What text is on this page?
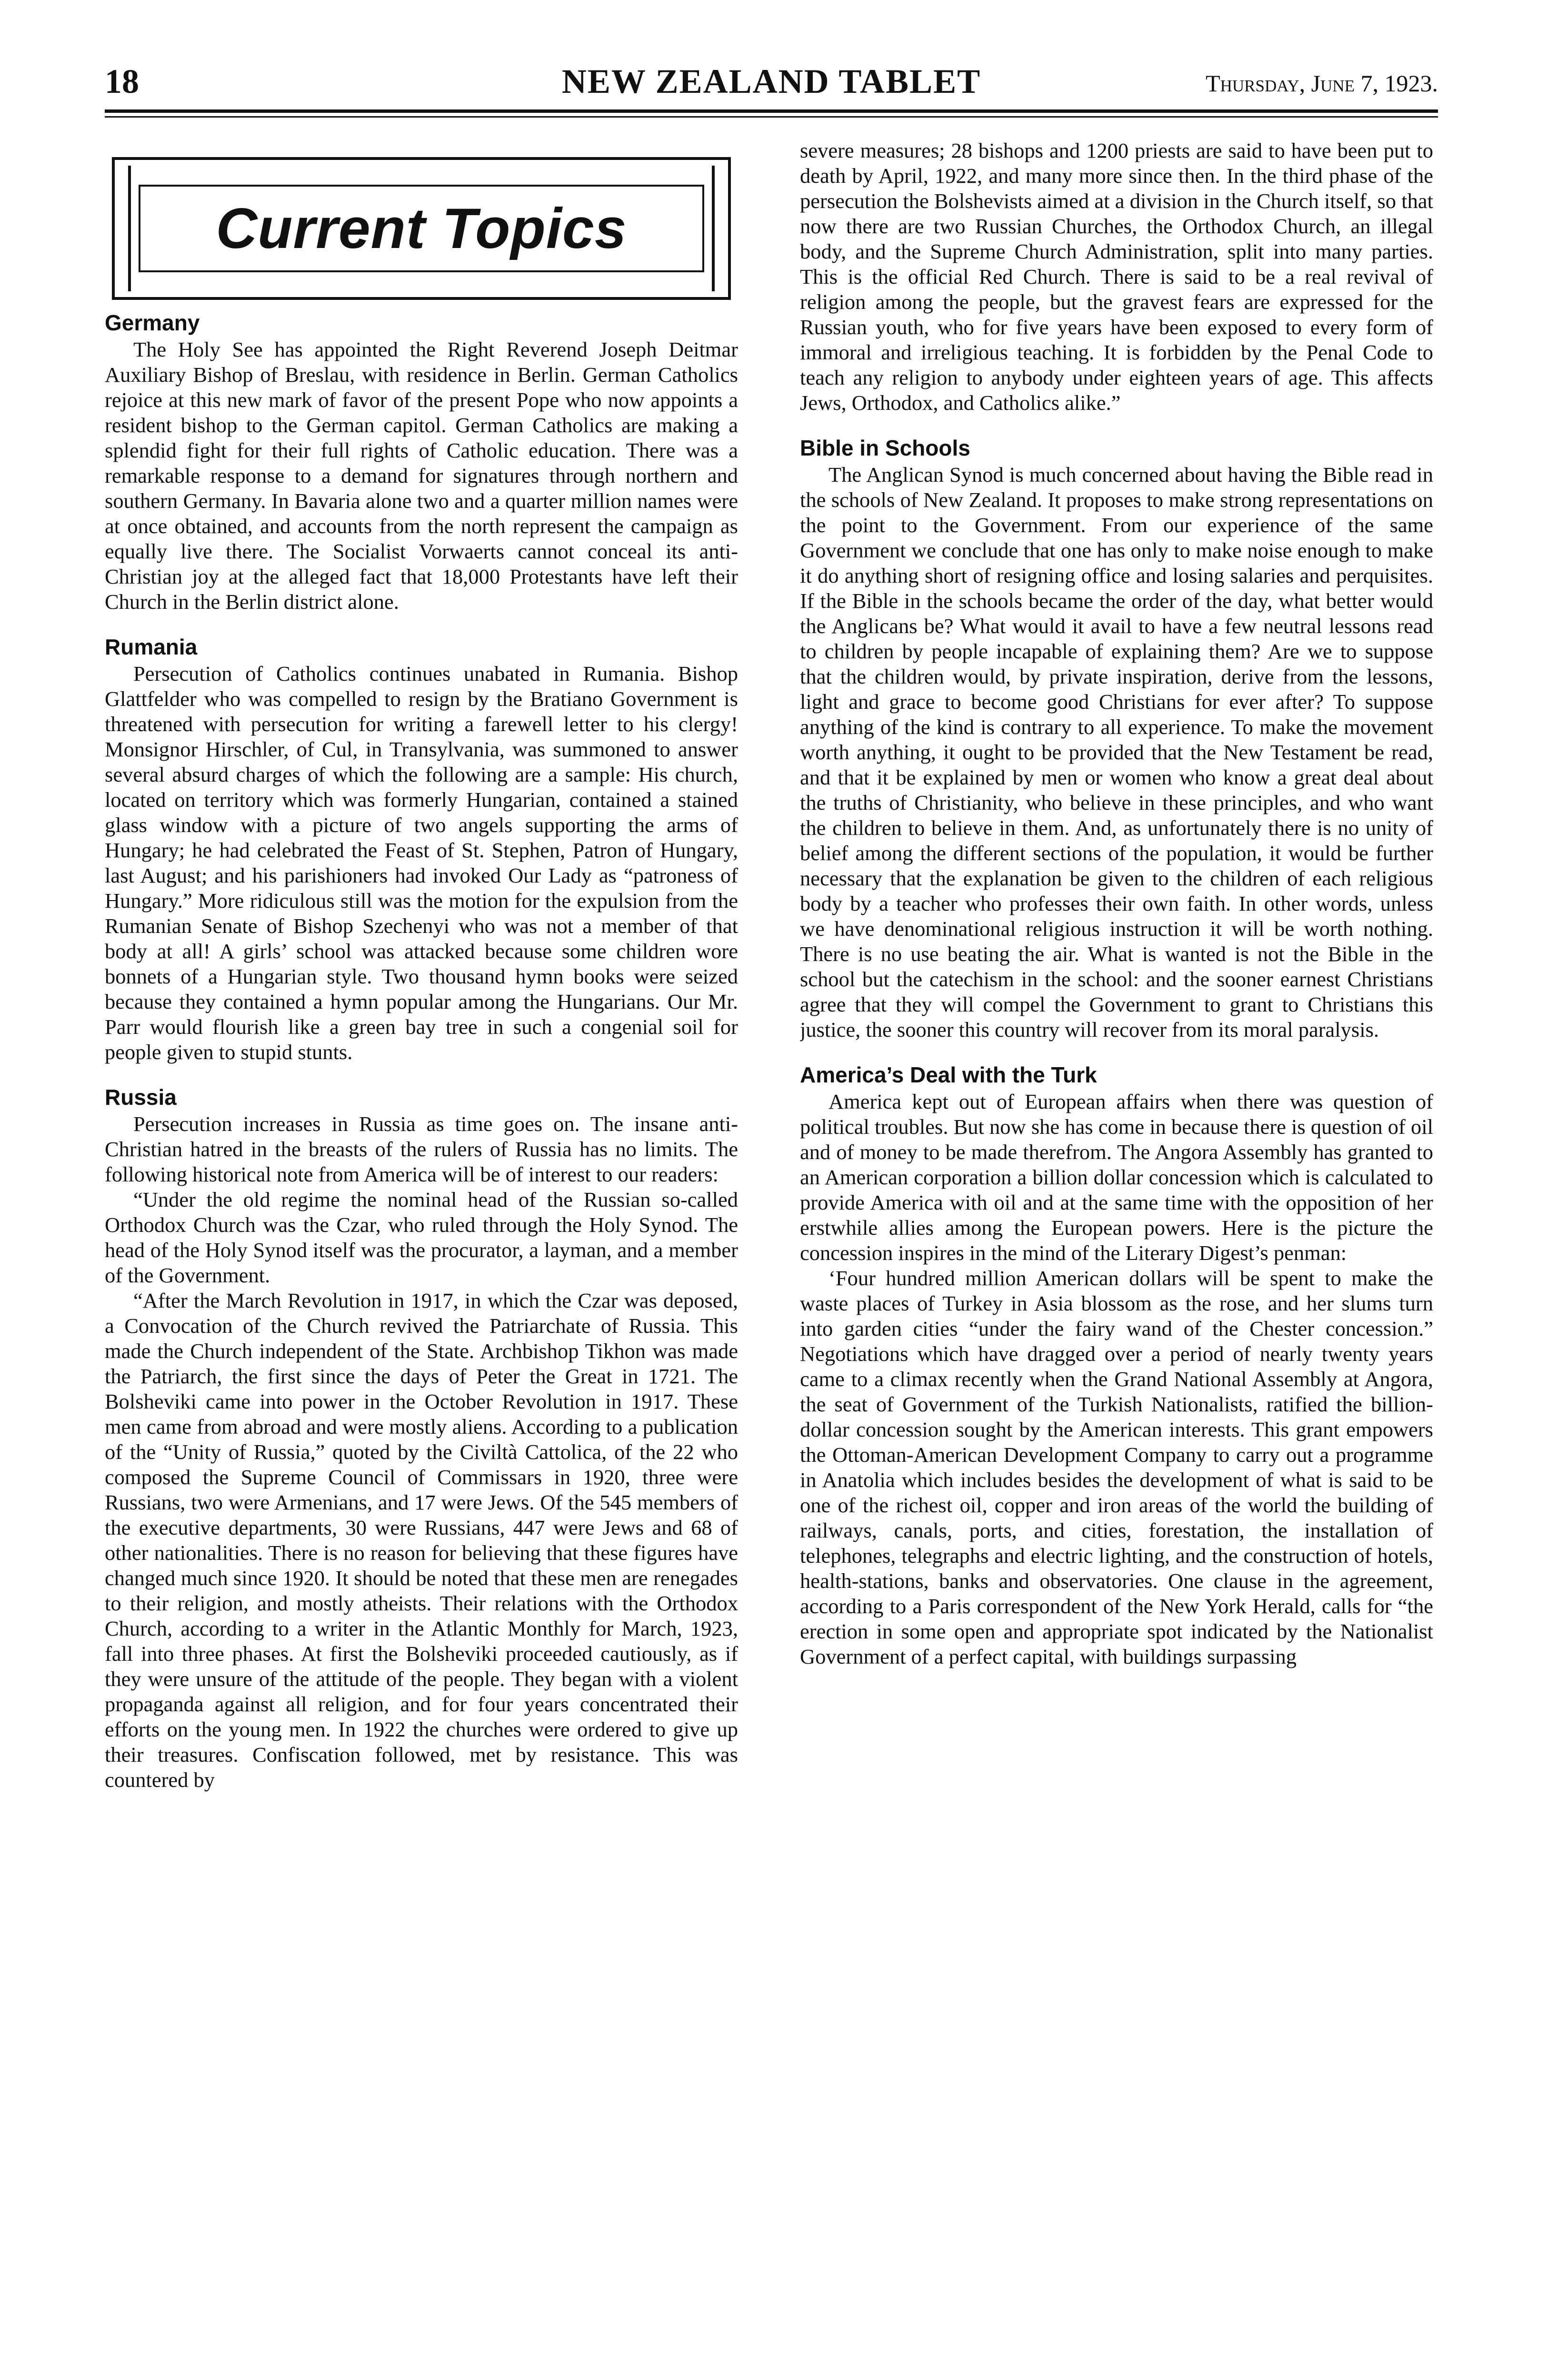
18	NEW ZEALAND TABLET	Thursday, June 7, 1923.
Current Topics
Germany

The Holy See has appointed the Right Reverend Joseph Deitmar Auxiliary Bishop of Breslau, with residence in Berlin. German Catholics rejoice at this new mark of favor of the present Pope who now appoints a resident bishop to the German capitol. German Catholics are making a splendid fight for their full rights of Catholic education. There was a remarkable response to a demand for signatures through northern and southern Germany. In Bavaria alone two and a quarter million names were at once obtained, and accounts from the north represent the campaign as equally live there. The Socialist Vorwaerts cannot conceal its anti-Christian joy at the alleged fact that 18,000 Protestants have left their Church in the Berlin district alone.

Rumania

Persecution of Catholics continues unabated in Rumania. Bishop Glattfelder who was compelled to resign by the Bratiano Government is threatened with persecution for writing a farewell letter to his clergy! Monsignor Hirschler, of Cul, in Transylvania, was summoned to answer several absurd charges of which the following are a sample: His church, located on territory which was formerly Hungarian, contained a stained glass window with a picture of two angels supporting the arms of Hungary; he had celebrated the Feast of St. Stephen, Patron of Hungary, last August; and his parishioners had invoked Our Lady as “patroness of Hungary.” More ridiculous still was the motion for the expulsion from the Rumanian Senate of Bishop Szechenyi who was not a member of that body at all! A girls’ school was attacked because some children wore bonnets of a Hungarian style. Two thousand hymn books were seized because they contained a hymn popular among the Hungarians. Our Mr. Parr would flourish like a green bay tree in such a congenial soil for people given to stupid stunts.

Russia

Persecution increases in Russia as time goes on. The insane anti-Christian hatred in the breasts of the rulers of Russia has no limits. The following historical note from America will be of interest to our readers:

“Under the old regime the nominal head of the Russian so-called Orthodox Church was the Czar, who ruled through the Holy Synod. The head of the Holy Synod itself was the procurator, a layman, and a member of the Government.

“After the March Revolution in 1917, in which the Czar was deposed, a Convocation of the Church revived the Patriarchate of Russia. This made the Church independent of the State. Archbishop Tikhon was made the Patriarch, the first since the days of Peter the Great in 1721. The Bolsheviki came into power in the October Revolution in 1917. These men came from abroad and were mostly aliens. According to a publication of the “Unity of Russia,” quoted by the Civiltà Cattolica, of the 22 who composed the Supreme Council of Commissars in 1920, three were Russians, two were Armenians, and 17 were Jews. Of the 545 members of the executive departments, 30 were Russians, 447 were Jews and 68 of other nationalities. There is no reason for believing that these figures have changed much since 1920. It should be noted that these men are renegades to their religion, and mostly atheists. Their relations with the Orthodox Church, according to a writer in the Atlantic Monthly for March, 1923, fall into three phases. At first the Bolsheviki proceeded cautiously, as if they were unsure of the attitude of the people. They began with a violent propaganda against all religion, and for four years concentrated their efforts on the young men. In 1922 the churches were ordered to give up their treasures. Confiscation followed, met by resistance. This was countered by

severe measures; 28 bishops and 1200 priests are said to have been put to death by April, 1922, and many more since then. In the third phase of the persecution the Bolshevists aimed at a division in the Church itself, so that now there are two Russian Churches, the Orthodox Church, an illegal body, and the Supreme Church Administration, split into many parties. This is the official Red Church. There is said to be a real revival of religion among the people, but the gravest fears are expressed for the Russian youth, who for five years have been exposed to every form of immoral and irreligious teaching. It is forbidden by the Penal Code to teach any religion to anybody under eighteen years of age. This affects Jews, Orthodox, and Catholics alike.”

Bible in Schools

The Anglican Synod is much concerned about having the Bible read in the schools of New Zealand. It proposes to make strong representations on the point to the Government. From our experience of the same Government we conclude that one has only to make noise enough to make it do anything short of resigning office and losing salaries and perquisites. If the Bible in the schools became the order of the day, what better would the Anglicans be? What would it avail to have a few neutral lessons read to children by people incapable of explaining them? Are we to suppose that the children would, by private inspiration, derive from the lessons, light and grace to become good Christians for ever after? To suppose anything of the kind is contrary to all experience. To make the movement worth anything, it ought to be provided that the New Testament be read, and that it be explained by men or women who know a great deal about the truths of Christianity, who believe in these principles, and who want the children to believe in them. And, as unfortunately there is no unity of belief among the different sections of the population, it would be further necessary that the explanation be given to the children of each religious body by a teacher who professes their own faith. In other words, unless we have denominational religious instruction it will be worth nothing. There is no use beating the air. What is wanted is not the Bible in the school but the catechism in the school: and the sooner earnest Christians agree that they will compel the Government to grant to Christians this justice, the sooner this country will recover from its moral paralysis.

America’s Deal with the Turk

America kept out of European affairs when there was question of political troubles. But now she has come in because there is question of oil and of money to be made therefrom. The Angora Assembly has granted to an American corporation a billion dollar concession which is calculated to provide America with oil and at the same time with the opposition of her erstwhile allies among the European powers. Here is the picture the concession inspires in the mind of the Literary Digest’s penman:

‘Four hundred million American dollars will be spent to make the waste places of Turkey in Asia blossom as the rose, and her slums turn into garden cities “under the fairy wand of the Chester concession.” Negotiations which have dragged over a period of nearly twenty years came to a climax recently when the Grand National Assembly at Angora, the seat of Government of the Turkish Nationalists, ratified the billion-dollar concession sought by the American interests. This grant empowers the Ottoman-American Development Company to carry out a programme in Anatolia which includes besides the development of what is said to be one of the richest oil, copper and iron areas of the world the building of railways, canals, ports, and cities, forestation, the installation of telephones, telegraphs and electric lighting, and the construction of hotels, health-stations, banks and observatories. One clause in the agreement, according to a Paris correspondent of the New York Herald, calls for “the erection in some open and appropriate spot indicated by the Nationalist Government of a perfect capital, with buildings surpassing
